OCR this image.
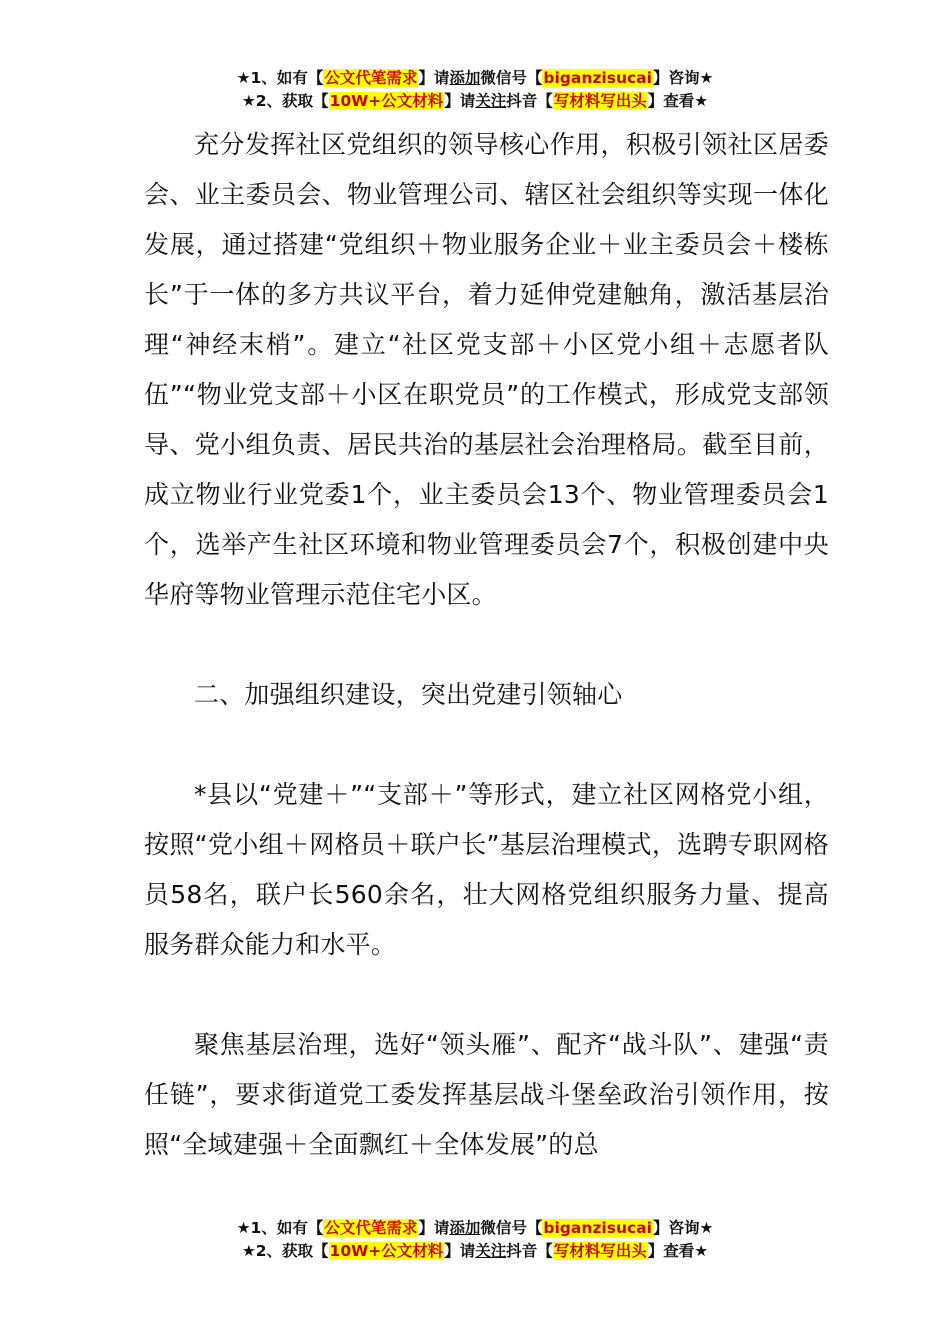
★1、如有【公文代笔需求】请添加微信号【biganzisucai】咨询★
★2、获取【10W+公文材料】请关注抖音【写材料写出头】查看★

充分发挥社区党组织的领导核心作用，积极引领社区居委会、业主委员会、物业管理公司、辖区社会组织等实现一体化发展，通过搭建“党组织＋物业服务企业＋业主委员会＋楼栋长”于一体的多方共议平台，着力延伸党建触角，激活基层治理“神经末梢”。建立“社区党支部＋小区党小组＋志愿者队伍”“物业党支部＋小区在职党员”的工作模式，形成党支部领导、党小组负责、居民共治的基层社会治理格局。截至目前，成立物业行业党委1个，业主委员会13个、物业管理委员会1个，选举产生社区环境和物业管理委员会7个，积极创建中央华府等物业管理示范住宅小区。

二、加强组织建设，突出党建引领轴心

*县以“党建＋”“支部＋”等形式，建立社区网格党小组，按照“党小组＋网格员＋联户长”基层治理模式，选聘专职网格员58名，联户长560余名，壮大网格党组织服务力量、提高服务群众能力和水平。

聚焦基层治理，选好“领头雁”、配齐“战斗队”、建强“责任链”，要求街道党工委发挥基层战斗堡垒政治引领作用，按照“全域建强＋全面飘红＋全体发展”的总

★1、如有【公文代笔需求】请添加微信号【biganzisucai】咨询★
★2、获取【10W+公文材料】请关注抖音【写材料写出头】查看★
